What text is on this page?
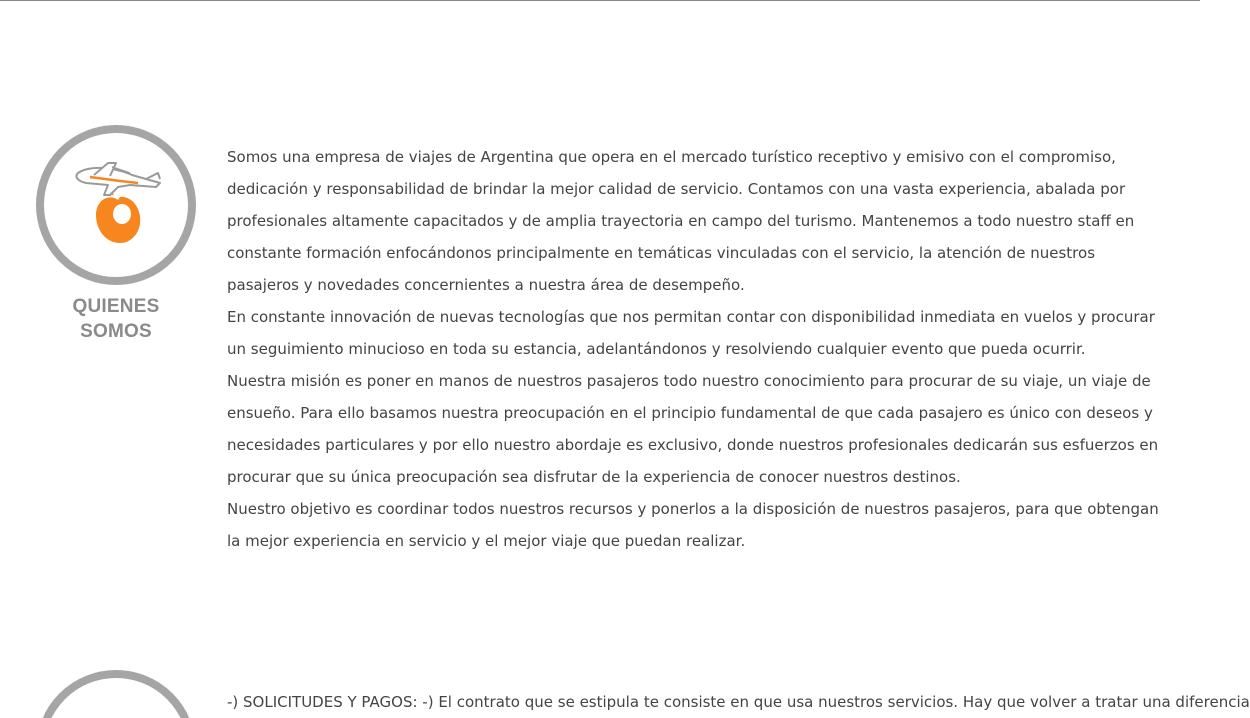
QUIENES
SOMOS

Somos una empresa de viajes de Argentina que opera en el mercado turístico receptivo y emisivo con el compromiso, dedicación y responsabilidad de brindar la mejor calidad de servicio. Contamos con una vasta experiencia, abalada por profesionales altamente capacitados y de amplia trayectoria en campo del turismo. Mantenemos a todo nuestro staff en constante formación enfocándonos principalmente en temáticas vinculadas con el servicio, la atención de nuestros pasajeros y novedades concernientes a nuestra área de desempeño.

En constante innovación de nuevas tecnologías que nos permitan contar con disponibilidad inmediata en vuelos y procurar un seguimiento minucioso en toda su estancia, adelantándonos y resolviendo cualquier evento que pueda ocurrir.

Nuestra misión es poner en manos de nuestros pasajeros todo nuestro conocimiento para procurar de su viaje, un viaje de ensueño. Para ello basamos nuestra preocupación en el principio fundamental de que cada pasajero es único con deseos y necesidades particulares y por ello nuestro abordaje es exclusivo, donde nuestros profesionales dedicarán sus esfuerzos en procurar que su única preocupación sea disfrutar de la experiencia de conocer nuestros destinos.

Nuestro objetivo es coordinar todos nuestros recursos y ponerlos a la disposición de nuestros pasajeros, para que obtengan la mejor experiencia en servicio y el mejor viaje que puedan realizar.

-) SOLICITUDES Y PAGOS: -) El contrato que se estipula te consiste en que usa nuestros servicios. Hay que volver a tratar una diferencia
